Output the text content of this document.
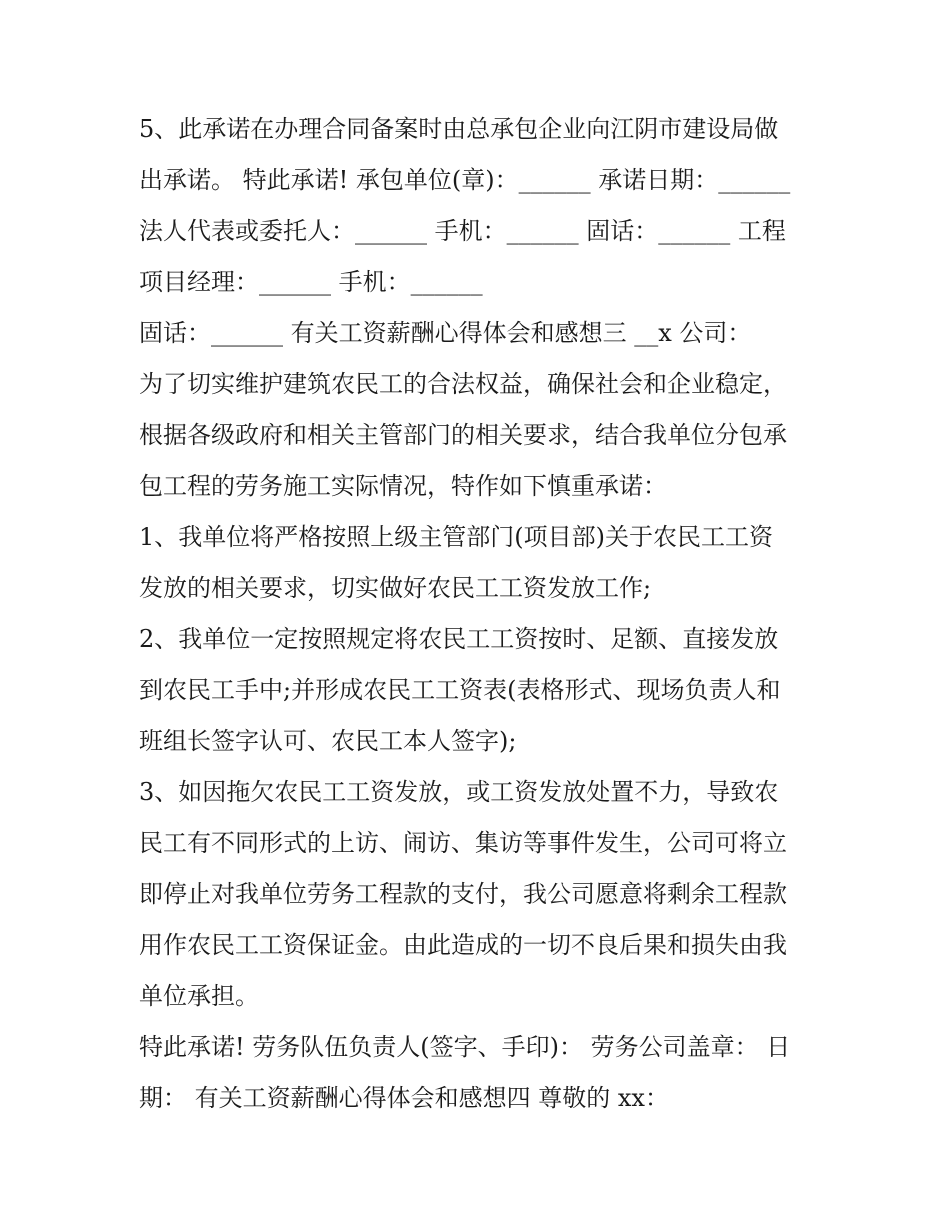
5、此承诺在办理合同备案时由总承包企业向江阴市建设局做
出承诺。 特此承诺! 承包单位(章)：______ 承诺日期：______
法人代表或委托人：______ 手机：______ 固话：______ 工程
项目经理：______ 手机：______
固话：______ 有关工资薪酬心得体会和感想三 __x 公司：
为了切实维护建筑农民工的合法权益，确保社会和企业稳定，
根据各级政府和相关主管部门的相关要求，结合我单位分包承
包工程的劳务施工实际情况，特作如下慎重承诺：
1、我单位将严格按照上级主管部门(项目部)关于农民工工资
发放的相关要求，切实做好农民工工资发放工作;
2、我单位一定按照规定将农民工工资按时、足额、直接发放
到农民工手中;并形成农民工工资表(表格形式、现场负责人和
班组长签字认可、农民工本人签字);
3、如因拖欠农民工工资发放，或工资发放处置不力，导致农
民工有不同形式的上访、闹访、集访等事件发生，公司可将立
即停止对我单位劳务工程款的支付，我公司愿意将剩余工程款
用作农民工工资保证金。由此造成的一切不良后果和损失由我
单位承担。
特此承诺! 劳务队伍负责人(签字、手印)： 劳务公司盖章： 日
期： 有关工资薪酬心得体会和感想四 尊敬的 xx：
